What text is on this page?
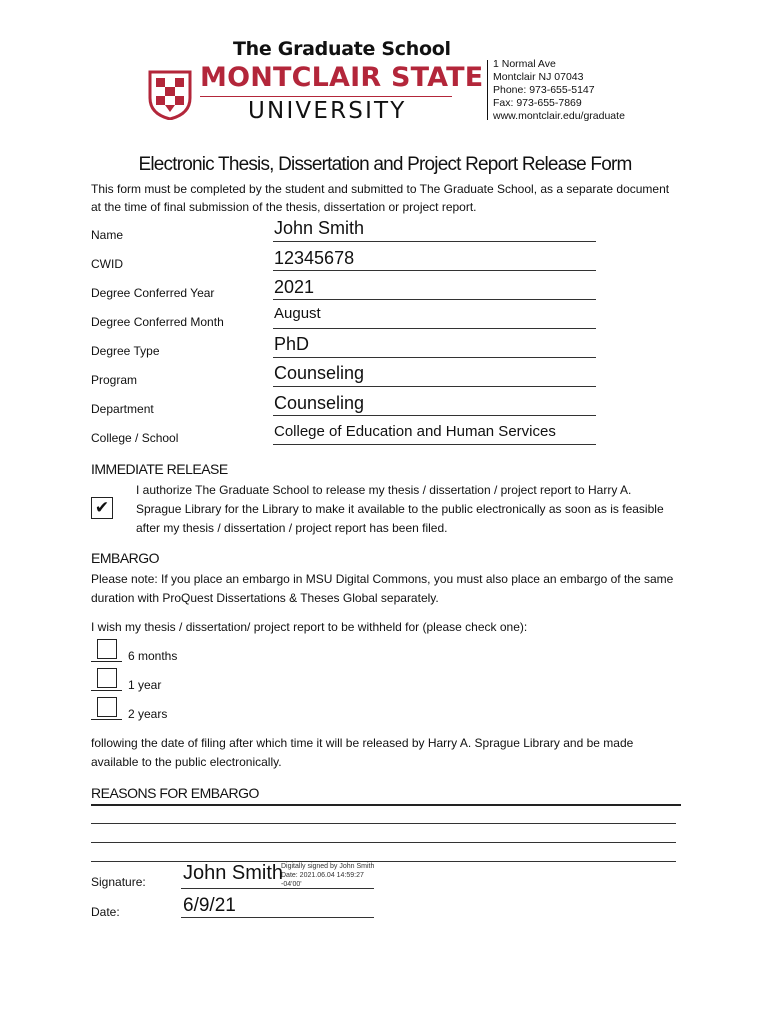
The Graduate School
MONTCLAIR STATE
UNIVERSITY
1 Normal Ave
Montclair NJ 07043
Phone: 973-655-5147
Fax: 973-655-7869
www.montclair.edu/graduate
Electronic Thesis, Dissertation and Project Report Release Form
This form must be completed by the student and submitted to The Graduate School, as a separate document at the time of final submission of the thesis, dissertation or project report.
Name	John Smith
CWID	12345678
Degree Conferred Year	2021
Degree Conferred Month	August
Degree Type	PhD
Program	Counseling
Department	Counseling
College / School	College of Education and Human Services
IMMEDIATE RELEASE
✔
I authorize The Graduate School to release my thesis / dissertation / project report to Harry A. Sprague Library for the Library to make it available to the public electronically as soon as is feasible after my thesis / dissertation / project report has been filed.
EMBARGO
Please note: If you place an embargo in MSU Digital Commons, you must also place an embargo of the same duration with ProQuest Dissertations & Theses Global separately.
I wish my thesis / dissertation/ project report to be withheld for (please check one):
6 months
1 year
2 years
following the date of filing after which time it will be released by Harry A. Sprague Library and be made available to the public electronically.
REASONS FOR EMBARGO
Signature: John Smith
Digitally signed by John Smith
Date: 2021.06.04 14:59:27
-04'00'
Date:	6/9/21
